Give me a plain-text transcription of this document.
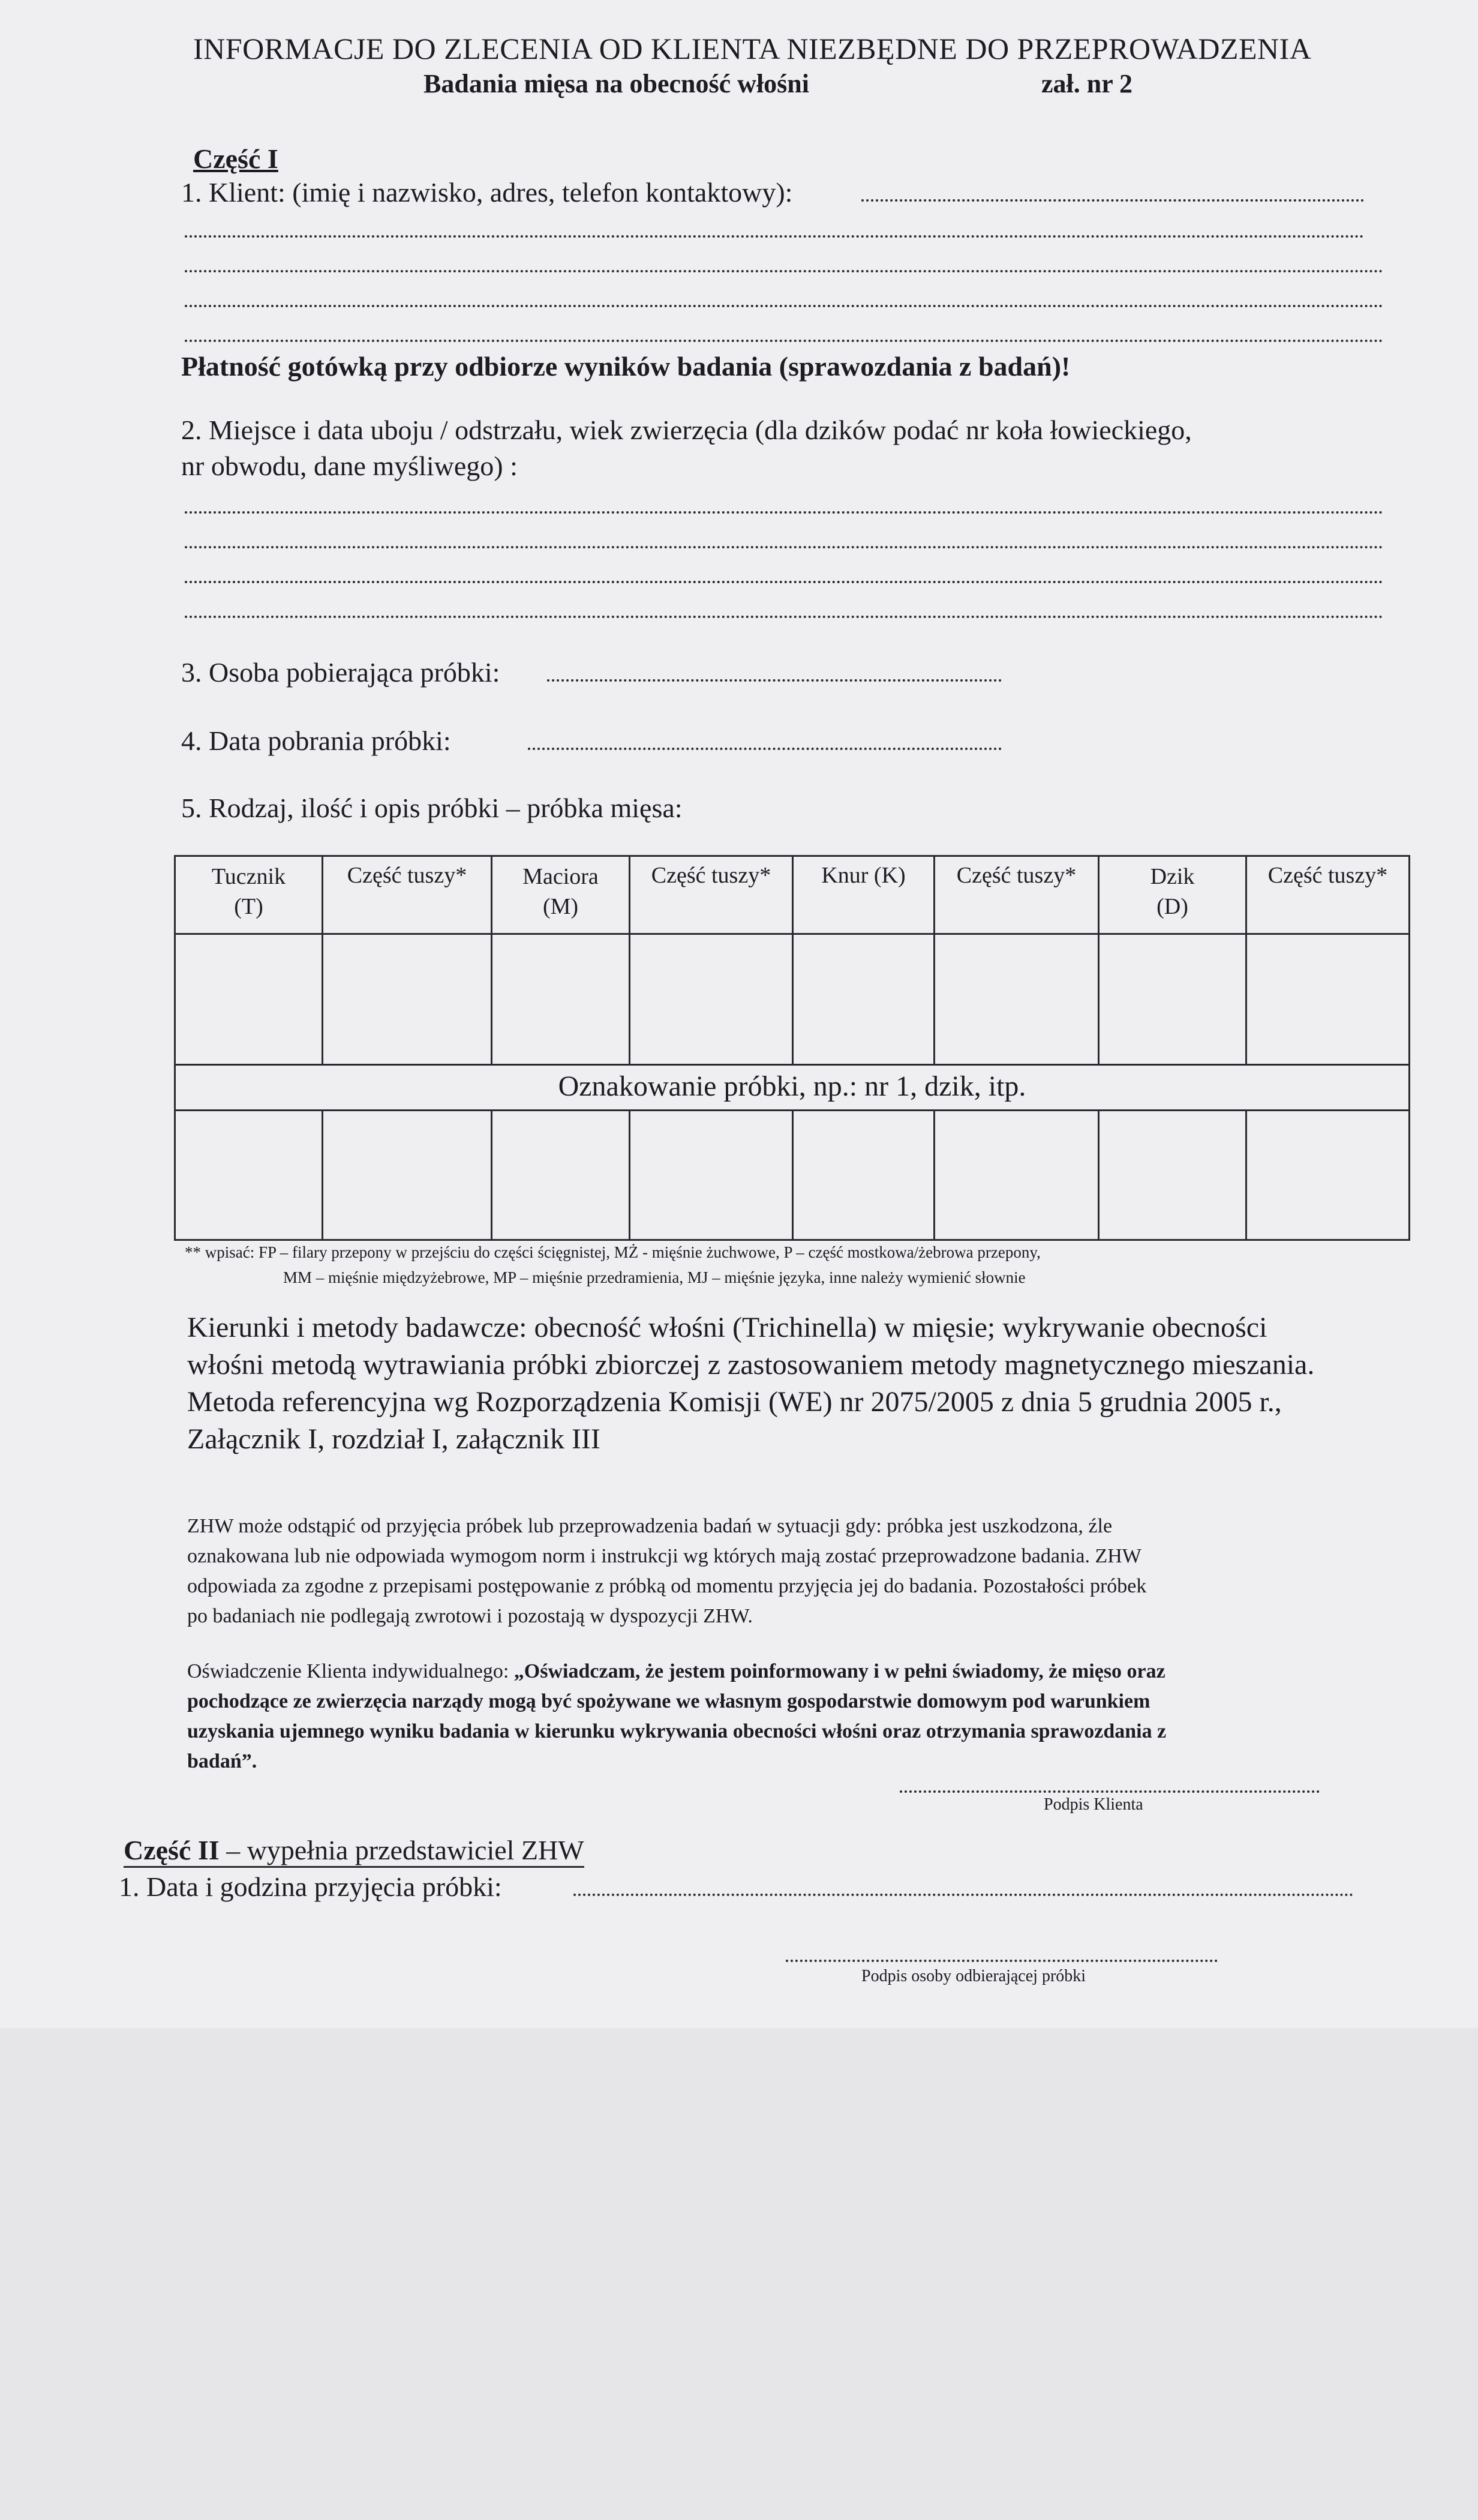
INFORMACJE DO ZLECENIA OD KLIENTA NIEZBĘDNE DO PRZEPROWADZENIA
Badania mięsa na obecność włośni	zał. nr 2
Część I
1. Klient: (imię i nazwisko, adres, telefon kontaktowy):
Płatność gotówką przy odbiorze wyników badania (sprawozdania z badań)!
2. Miejsce i data uboju / odstrzału, wiek zwierzęcia (dla dzików podać nr koła łowieckiego,
nr obwodu, dane myśliwego) :
3. Osoba pobierająca próbki:
4. Data pobrania próbki:
5. Rodzaj, ilość i opis próbki – próbka mięsa:
Tucznik (T)	Część tuszy*	Maciora (M)	Część tuszy*	Knur (K)	Część tuszy*	Dzik (D)	Część tuszy*

Oznakowanie próbki, np.: nr 1, dzik, itp.							

** wpisać: FP – filary przepony w przejściu do części ścięgnistej, MŻ - mięśnie żuchwowe, P – część mostkowa/żebrowa przepony,
MM – mięśnie międzyżebrowe, MP – mięśnie przedramienia, MJ – mięśnie języka, inne należy wymienić słownie
Kierunki i metody badawcze: obecność włośni (Trichinella) w mięsie; wykrywanie obecności
włośni metodą wytrawiania próbki zbiorczej z zastosowaniem metody magnetycznego mieszania.
Metoda referencyjna wg Rozporządzenia Komisji (WE) nr 2075/2005 z dnia 5 grudnia 2005 r.,
Załącznik I, rozdział I, załącznik III
ZHW może odstąpić od przyjęcia próbek lub przeprowadzenia badań w sytuacji gdy: próbka jest uszkodzona, źle
oznakowana lub nie odpowiada wymogom norm i instrukcji wg których mają zostać przeprowadzone badania. ZHW
odpowiada za zgodne z przepisami postępowanie z próbką od momentu przyjęcia jej do badania. Pozostałości próbek
po badaniach nie podlegają zwrotowi i pozostają w dyspozycji ZHW.
Oświadczenie Klienta indywidualnego: „Oświadczam, że jestem poinformowany i w pełni świadomy, że mięso oraz
pochodzące ze zwierzęcia narządy mogą być spożywane we własnym gospodarstwie domowym pod warunkiem
uzyskania ujemnego wyniku badania w kierunku wykrywania obecności włośni oraz otrzymania sprawozdania z
badań”.
Podpis Klienta
Część II – wypełnia przedstawiciel ZHW
1. Data i godzina przyjęcia próbki:
Podpis osoby odbierającej próbki
